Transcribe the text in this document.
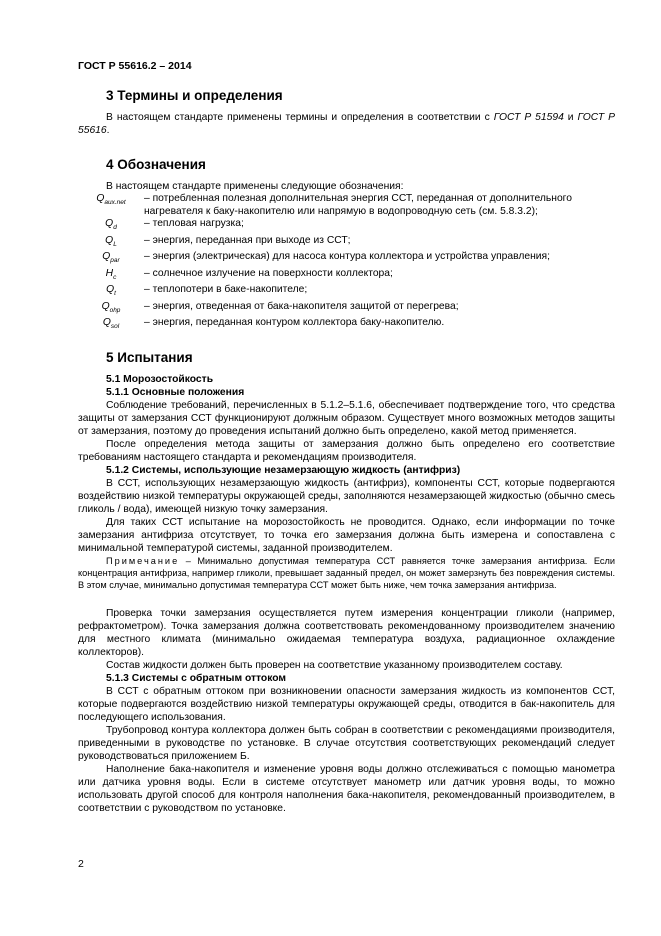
ГОСТ Р 55616.2 – 2014
3 Термины и определения

В настоящем стандарте применены термины и определения в соответствии с ГОСТ Р 51594 и ГОСТ Р 55616.

4 Обозначения

В настоящем стандарте применены следующие обозначения:

$Q_{aux.net}$	– потребленная полезная дополнительная энергия ССТ, переданная от дополнительного нагревателя к баку-накопителю или напрямую в водопроводную сеть (см. 5.8.3.2);
$Q_d$	– тепловая нагрузка;
$Q_L$	– энергия, переданная при выходе из ССТ;
$Q_{par}$	– энергия (электрическая) для насоса контура коллектора и устройства управления;
$H_c$	– солнечное излучение на поверхности коллектора;
$Q_t$	– теплопотери в баке-накопителе;
$Q_{ohp}$	– энергия, отведенная от бака-накопителя защитой от перегрева;
$Q_{sol}$	– энергия, переданная контуром коллектора баку-накопителю.
5 Испытания
5.1 Морозостойкость
5.1.1 Основные положения

Соблюдение требований, перечисленных в 5.1.2–5.1.6, обеспечивает подтверждение того, что средства защиты от замерзания ССТ функционируют должным образом. Существует много возможных методов защиты от замерзания, поэтому до проведения испытаний должно быть определено, какой метод применяется.

После определения метода защиты от замерзания должно быть определено его соответствие требованиям настоящего стандарта и рекомендациям производителя.

5.1.2 Системы, использующие незамерзающую жидкость (антифриз)

В ССТ, использующих незамерзающую жидкость (антифриз), компоненты ССТ, которые подвергаются воздействию низкой температуры окружающей среды, заполняются незамерзающей жидкостью (обычно смесь гликоль / вода), имеющей низкую точку замерзания.

Для таких ССТ испытание на морозостойкость не проводится. Однако, если информации по точке замерзания антифриза отсутствует, то точка его замерзания должна быть измерена и сопоставлена с минимальной температурой системы, заданной производителем.

Примечание – Минимально допустимая температура ССТ равняется точке замерзания антифриза. Если концентрация антифриза, например гликоли, превышает заданный предел, он может замерзнуть без повреждения системы. В этом случае, минимально допустимая температура ССТ может быть ниже, чем точка замерзания антифриза.

Проверка точки замерзания осуществляется путем измерения концентрации гликоли (например, рефрактометром). Точка замерзания должна соответствовать рекомендованному производителем значению для местного климата (минимально ожидаемая температура воздуха, радиационное охлаждение коллекторов).

Состав жидкости должен быть проверен на соответствие указанному производителем составу.

5.1.3 Системы с обратным оттоком

В ССТ с обратным оттоком при возникновении опасности замерзания жидкость из компонентов ССТ, которые подвергаются воздействию низкой температуры окружающей среды, отводится в бак-накопитель для последующего использования.

Трубопровод контура коллектора должен быть собран в соответствии с рекомендациями производителя, приведенными в руководстве по установке. В случае отсутствия соответствующих рекомендаций следует руководствоваться приложением Б.

Наполнение бака-накопителя и изменение уровня воды должно отслеживаться с помощью манометра или датчика уровня воды. Если в системе отсутствует манометр или датчик уровня воды, то можно использовать другой способ для контроля наполнения бака-накопителя, рекомендованный производителем, в соответствии с руководством по установке.

2
